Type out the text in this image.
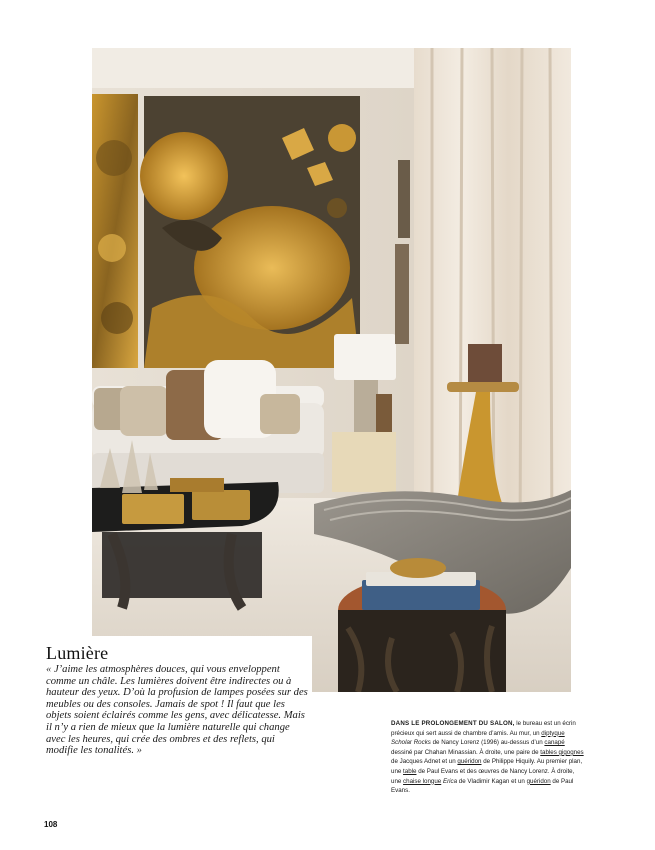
Lumière
« J’aime les atmosphères douces, qui vous enveloppent comme un châle. Les lumières doivent être indirectes ou à hauteur des yeux. D’où la profusion de lampes posées sur des meubles ou des consoles. Jamais de spot ! Il faut que les objets soient éclairés comme les gens, avec délicatesse. Mais il n’y a rien de mieux que la lumière naturelle qui change avec les heures, qui crée des ombres et des reflets, qui modifie les tonalités. »
DANS LE PROLONGEMENT DU SALON, le bureau est un écrin précieux qui sert aussi de chambre d’amis. Au mur, un diptyque Scholar Rocks de Nancy Lorenz (1996) au-dessus d’un canapé dessiné par Chahan Minassian. À droite, une paire de tables gigognes de Jacques Adnet et un guéridon de Philippe Hiquily. Au premier plan, une table de Paul Evans et des œuvres de Nancy Lorenz. À droite, une chaise longue Erica de Vladimir Kagan et un guéridon de Paul Evans.
108
